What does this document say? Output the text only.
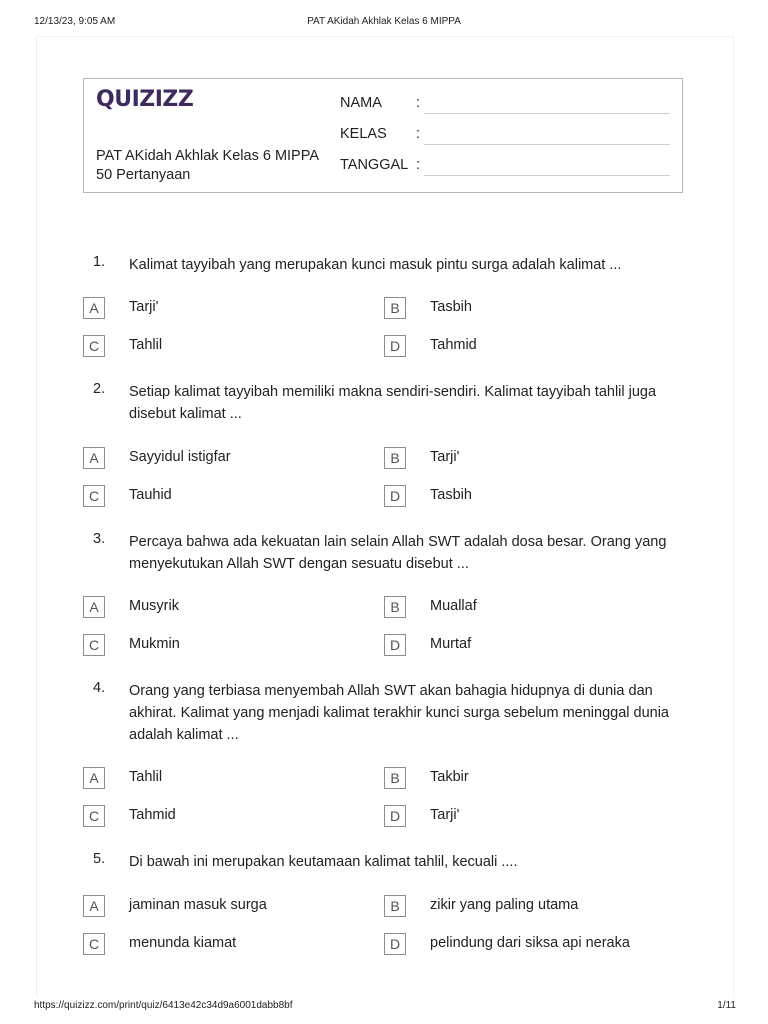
12/13/23, 9:05 AM	PAT AKidah Akhlak Kelas 6 MIPPA
QUIZIZZ
PAT AKidah Akhlak Kelas 6 MIPPA
50 Pertanyaan
NAMA :
KELAS :
TANGGAL :
1. Kalimat tayyibah yang merupakan kunci masuk pintu surga adalah kalimat ...
A	Tarji'	B	Tasbih
C	Tahlil	D	Tahmid
2. Setiap kalimat tayyibah memiliki makna sendiri-sendiri. Kalimat tayyibah tahlil juga disebut kalimat ...
A	Sayyidul istigfar	B	Tarji'
C	Tauhid	D	Tasbih
3. Percaya bahwa ada kekuatan lain selain Allah SWT adalah dosa besar. Orang yang menyekutukan Allah SWT dengan sesuatu disebut ...
A	Musyrik	B	Muallaf
C	Mukmin	D	Murtaf
4. Orang yang terbiasa menyembah Allah SWT akan bahagia hidupnya di dunia dan akhirat. Kalimat yang menjadi kalimat terakhir kunci surga sebelum meninggal dunia adalah kalimat ...
A	Tahlil	B	Takbir
C	Tahmid	D	Tarji'
5. Di bawah ini merupakan keutamaan kalimat tahlil, kecuali ....
A	jaminan masuk surga	B	zikir yang paling utama
C	menunda kiamat	D	pelindung dari siksa api neraka
https://quizizz.com/print/quiz/6413e42c34d9a6001dabb8bf	1/11
